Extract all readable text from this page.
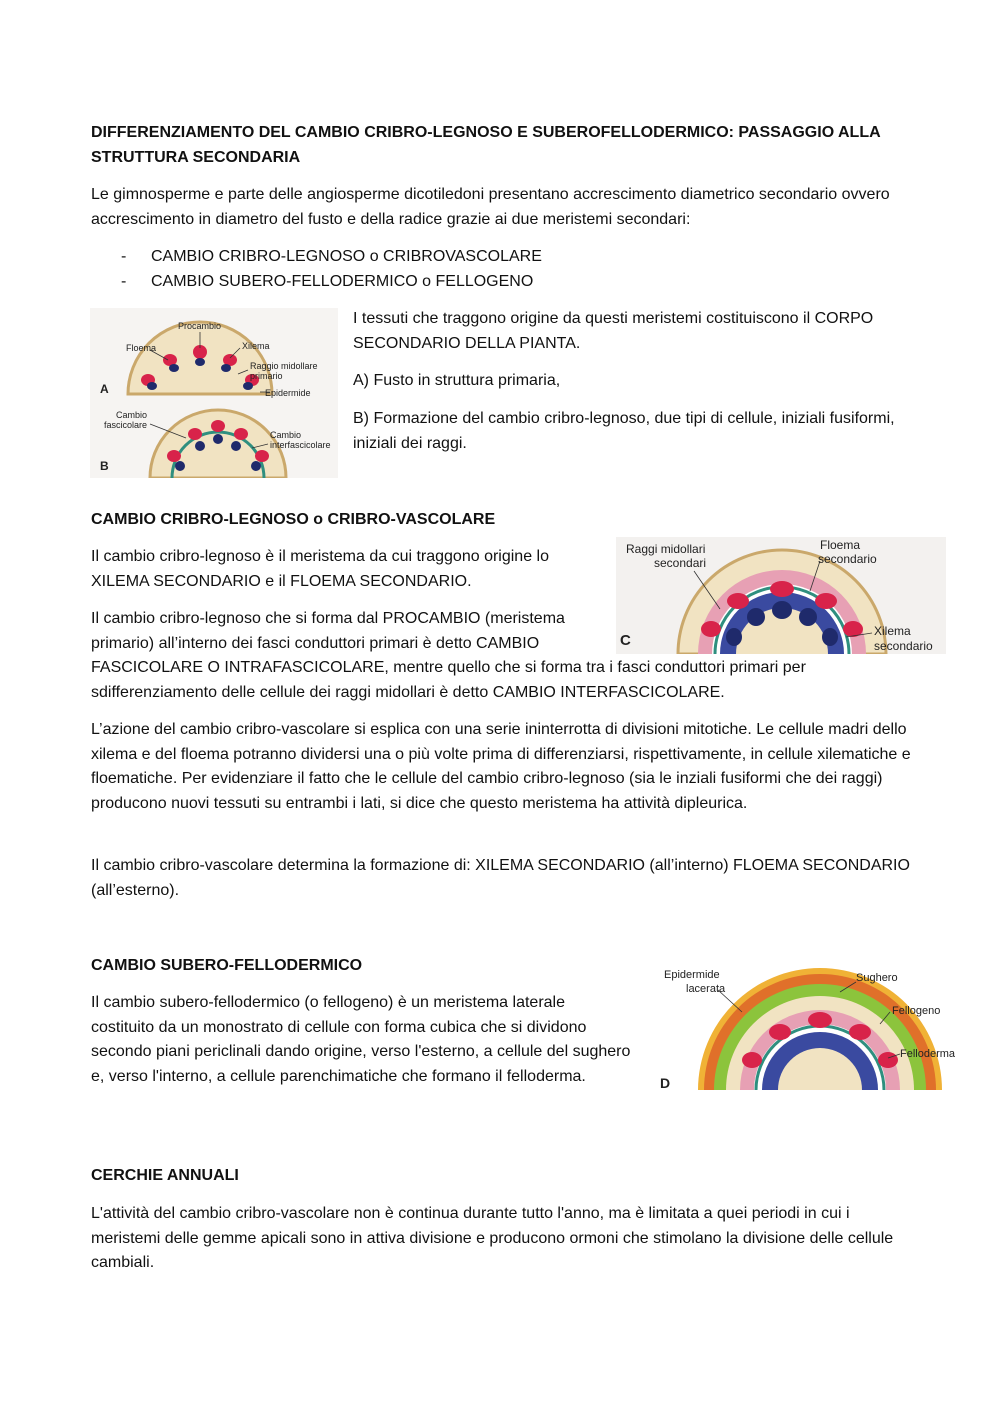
DIFFERENZIAMENTO DEL CAMBIO CRIBRO-LEGNOSO E SUBEROFELLODERMICO: PASSAGGIO ALLA STRUTTURA SECONDARIA

Le gimnosperme e parte delle angiosperme dicotiledoni presentano accrescimento diametrico secondario ovvero accrescimento in diametro del fusto e della radice grazie ai due meristemi secondari:

- CAMBIO CRIBRO-LEGNOSO o CRIBROVASCOLARE
- CAMBIO SUBERO-FELLODERMICO o FELLOGENO
Procambio
Floema	Xilema
Raggio midollare
primario
Epidermide
A
Cambio
fascicolare
Cambio
interfascicolare
B

I tessuti che traggono origine da questi meristemi costituiscono il CORPO SECONDARIO DELLA PIANTA.

A) Fusto in struttura primaria,

B) Formazione del cambio cribro-legnoso, due tipi di cellule, iniziali fusiformi, iniziali dei raggi.

CAMBIO CRIBRO-LEGNOSO o CRIBRO-VASCOLARE

Il cambio cribro-legnoso è il meristema da cui traggono origine lo XILEMA SECONDARIO e il FLOEMA SECONDARIO.

Il cambio cribro-legnoso che si forma dal PROCAMBIO (meristema

primario) all’interno dei fasci conduttori primari è detto CAMBIO

FASCICOLARE O INTRAFASCICOLARE, mentre quello che si forma tra i fasci conduttori primari per sdifferenziamento delle cellule dei raggi midollari è detto CAMBIO INTERFASCICOLARE.

Raggi midollari
secondari
Floema
secondario
Xilema
secondario
C

L’azione del cambio cribro-vascolare si esplica con una serie ininterrotta di divisioni mitotiche. Le cellule madri dello xilema e del floema potranno dividersi una o più volte prima di differenziarsi, rispettivamente, in cellule xilematiche e floematiche. Per evidenziare il fatto che le cellule del cambio cribro-legnoso (sia le inziali fusiformi che dei raggi) producono nuovi tessuti su entrambi i lati, si dice che questo meristema ha attività dipleurica.

Il cambio cribro-vascolare determina la formazione di: XILEMA SECONDARIO (all’interno) FLOEMA SECONDARIO (all’esterno).

CAMBIO SUBERO-FELLODERMICO

Il cambio subero-fellodermico (o fellogeno) è un meristema laterale costituito da un monostrato di cellule con forma cubica che si dividono secondo piani periclinali dando origine, verso l'esterno, a cellule del sughero e, verso l'interno, a cellule parenchimatiche che formano il felloderma.

Epidermide
lacerata
Sughero
Fellogeno
Felloderma
D
CERCHIE ANNUALI

L'attività del cambio cribro-vascolare non è continua durante tutto l'anno, ma è limitata a quei periodi in cui i meristemi delle gemme apicali sono in attiva divisione e producono ormoni che stimolano la divisione delle cellule cambiali.
